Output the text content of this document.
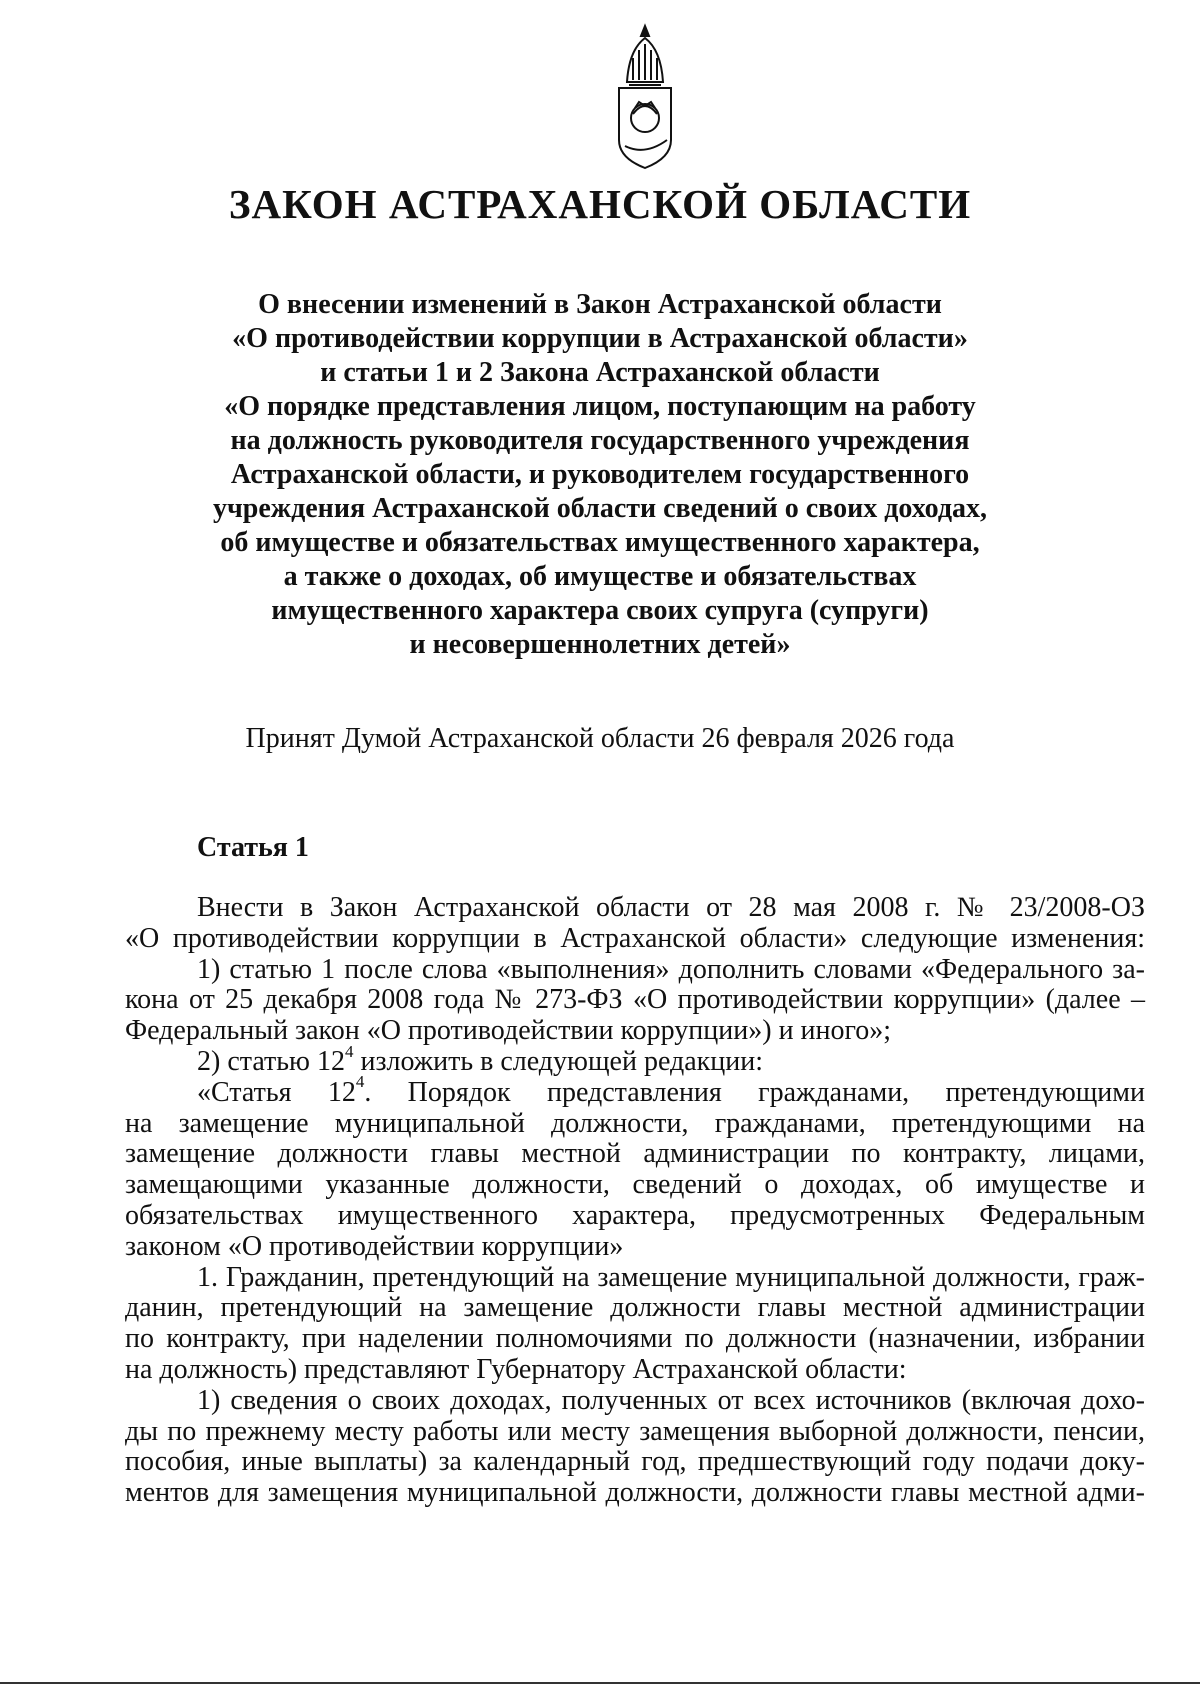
ЗАКОН АСТРАХАНСКОЙ ОБЛАСТИ
О внесении изменений в Закон Астраханской области
«О противодействии коррупции в Астраханской области»
и статьи 1 и 2 Закона Астраханской области
«О порядке представления лицом, поступающим на работу
на должность руководителя государственного учреждения
Астраханской области, и руководителем государственного
учреждения Астраханской области сведений о своих доходах,
об имуществе и обязательствах имущественного характера,
а также о доходах, об имуществе и обязательствах
имущественного характера своих супруга (супруги)
и несовершеннолетних детей»
Принят Думой Астраханской области 26 февраля 2026 года
Статья 1
Внести в Закон Астраханской области от 28 мая 2008 г. № 23/2008-ОЗ
«О противодействии коррупции в Астраханской области» следующие изменения:
1) статью 1 после слова «выполнения» дополнить словами «Федерального за-
кона от 25 декабря 2008 года № 273-ФЗ «О противодействии коррупции» (далее –
Федеральный закон «О противодействии коррупции») и иного»;
2) статью $12^4$ изложить в следующей редакции:
«Статья $12^4$. Порядок представления гражданами, претендующими
на замещение муниципальной должности, гражданами, претендующими на
замещение должности главы местной администрации по контракту, лицами,
замещающими указанные должности, сведений о доходах, об имуществе и
обязательствах имущественного характера, предусмотренных Федеральным
законом «О противодействии коррупции»
1. Гражданин, претендующий на замещение муниципальной должности, граж-
данин, претендующий на замещение должности главы местной администрации
по контракту, при наделении полномочиями по должности (назначении, избрании
на должность) представляют Губернатору Астраханской области:
1) сведения о своих доходах, полученных от всех источников (включая дохо-
ды по прежнему месту работы или месту замещения выборной должности, пенсии,
пособия, иные выплаты) за календарный год, предшествующий году подачи доку-
ментов для замещения муниципальной должности, должности главы местной адми-
